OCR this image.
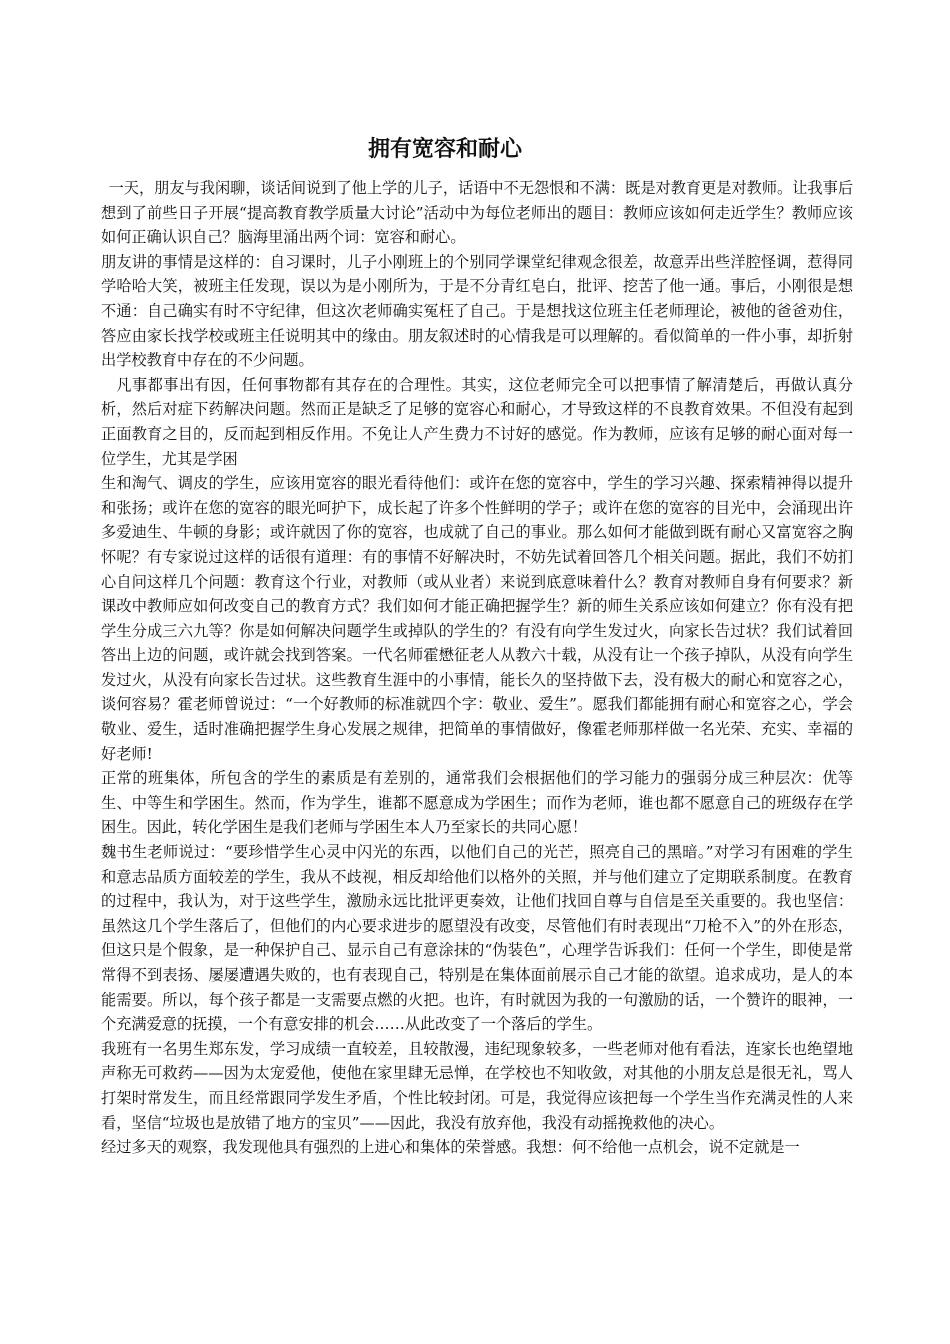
拥有宽容和耐心

一天，朋友与我闲聊，谈话间说到了他上学的儿子，话语中不无怨恨和不满：既是对教育更是对教师。让我事后想到了前些日子开展“提高教育教学质量大讨论”活动中为每位老师出的题目：教师应该如何走近学生？教师应该如何正确认识自己？脑海里涌出两个词：宽容和耐心。

朋友讲的事情是这样的：自习课时，儿子小刚班上的个别同学课堂纪律观念很差，故意弄出些洋腔怪调，惹得同学哈哈大笑，被班主任发现，误以为是小刚所为，于是不分青红皂白，批评、挖苦了他一通。事后，小刚很是想不通：自己确实有时不守纪律，但这次老师确实冤枉了自己。于是想找这位班主任老师理论，被他的爸爸劝住，答应由家长找学校或班主任说明其中的缘由。朋友叙述时的心情我是可以理解的。看似简单的一件小事，却折射出学校教育中存在的不少问题。

凡事都事出有因，任何事物都有其存在的合理性。其实，这位老师完全可以把事情了解清楚后，再做认真分析，然后对症下药解决问题。然而正是缺乏了足够的宽容心和耐心，才导致这样的不良教育效果。不但没有起到正面教育之目的，反而起到相反作用。不免让人产生费力不讨好的感觉。作为教师，应该有足够的耐心面对每一位学生，尤其是学困

生和淘气、调皮的学生，应该用宽容的眼光看待他们：或许在您的宽容中，学生的学习兴趣、探索精神得以提升和张扬；或许在您的宽容的眼光呵护下，成长起了许多个性鲜明的学子；或许在您的宽容的目光中，会涌现出许多爱迪生、牛顿的身影；或许就因了你的宽容，也成就了自己的事业。那么如何才能做到既有耐心又富宽容之胸怀呢？有专家说过这样的话很有道理：有的事情不好解决时，不妨先试着回答几个相关问题。据此，我们不妨扪心自问这样几个问题：教育这个行业，对教师（或从业者）来说到底意味着什么？教育对教师自身有何要求？新课改中教师应如何改变自己的教育方式？我们如何才能正确把握学生？新的师生关系应该如何建立？你有没有把学生分成三六九等？你是如何解决问题学生或掉队的学生的？有没有向学生发过火，向家长告过状？我们试着回答出上边的问题，或许就会找到答案。一代名师霍懋征老人从教六十载，从没有让一个孩子掉队，从没有向学生发过火，从没有向家长告过状。这些教育生涯中的小事情，能长久的坚持做下去，没有极大的耐心和宽容之心，谈何容易？霍老师曾说过：“一个好教师的标准就四个字：敬业、爱生”。愿我们都能拥有耐心和宽容之心，学会敬业、爱生，适时准确把握学生身心发展之规律，把简单的事情做好，像霍老师那样做一名光荣、充实、幸福的好老师!

正常的班集体，所包含的学生的素质是有差别的，通常我们会根据他们的学习能力的强弱分成三种层次：优等生、中等生和学困生。然而，作为学生，谁都不愿意成为学困生；而作为老师，谁也都不愿意自己的班级存在学困生。因此，转化学困生是我们老师与学困生本人乃至家长的共同心愿！

魏书生老师说过：“要珍惜学生心灵中闪光的东西，以他们自己的光芒，照亮自己的黑暗。”对学习有困难的学生和意志品质方面较差的学生，我从不歧视，相反却给他们以格外的关照，并与他们建立了定期联系制度。在教育的过程中，我认为，对于这些学生，激励永远比批评更奏效，让他们找回自尊与自信是至关重要的。我也坚信：虽然这几个学生落后了，但他们的内心要求进步的愿望没有改变，尽管他们有时表现出“刀枪不入”的外在形态，但这只是个假象，是一种保护自己、显示自己有意涂抹的“伪装色”，心理学告诉我们：任何一个学生，即使是常常得不到表扬、屡屡遭遇失败的，也有表现自己，特别是在集体面前展示自己才能的欲望。追求成功，是人的本能需要。所以，每个孩子都是一支需要点燃的火把。也许，有时就因为我的一句激励的话，一个赞许的眼神，一个充满爱意的抚摸，一个有意安排的机会……从此改变了一个落后的学生。

我班有一名男生郑东发，学习成绩一直较差，且较散漫，违纪现象较多，一些老师对他有看法，连家长也绝望地声称无可救药——因为太宠爱他，使他在家里肆无忌惮，在学校也不知收敛，对其他的小朋友总是很无礼，骂人打架时常发生，而且经常跟同学发生矛盾，个性比较封闭。可是，我觉得应该把每一个学生当作充满灵性的人来看，坚信“垃圾也是放错了地方的宝贝”——因此，我没有放弃他，我没有动摇挽救他的决心。

经过多天的观察，我发现他具有强烈的上进心和集体的荣誉感。我想：何不给他一点机会，说不定就是一
